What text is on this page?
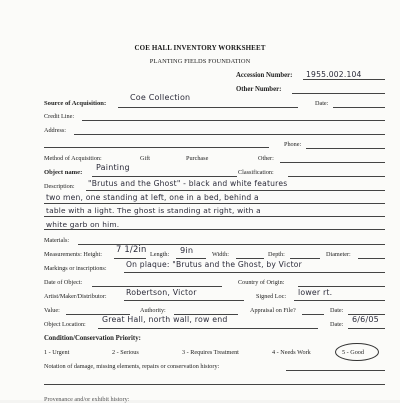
COE HALL INVENTORY WORKSHEET
PLANTING FIELDS FOUNDATION
Accession Number: 1955.002.104
Other Number:
Source of Acquisition:
Coe Collection
Date:
Credit Line:
Address:
Phone:
Method of Acquisition:	Gift	Purchase	Other:
Object name:
Painting
Classification:
Description: "Brutus and the Ghost" - black and white features
two men, one standing at left, one in a bed, behind a
table with a light. The ghost is standing at right, with a
white garb on him.
Materials:
Measurements: Height:
7 1/2in
Length: 9in	Width:	Depth:	Diameter:
Markings or inscriptions:	On plaque: "Brutus and the Ghost, by Victor
Date of Object:	Country of Origin:
Artist/Maker/Distributor: Robertson, Victor	Signed Loc: lower rt.
Value:	Authority:	Appraisal on File?	Date:
Object Location:
Great Hall, north wall, row end
Date:
6/6/05
Condition/Conservation Priority:
1 - Urgent	2 - Serious	3 - Requires Treatment	4 - Needs Work	5 - Good
Notation of damage, missing elements, repairs or conservation history:
Provenance and/or exhibit history:
